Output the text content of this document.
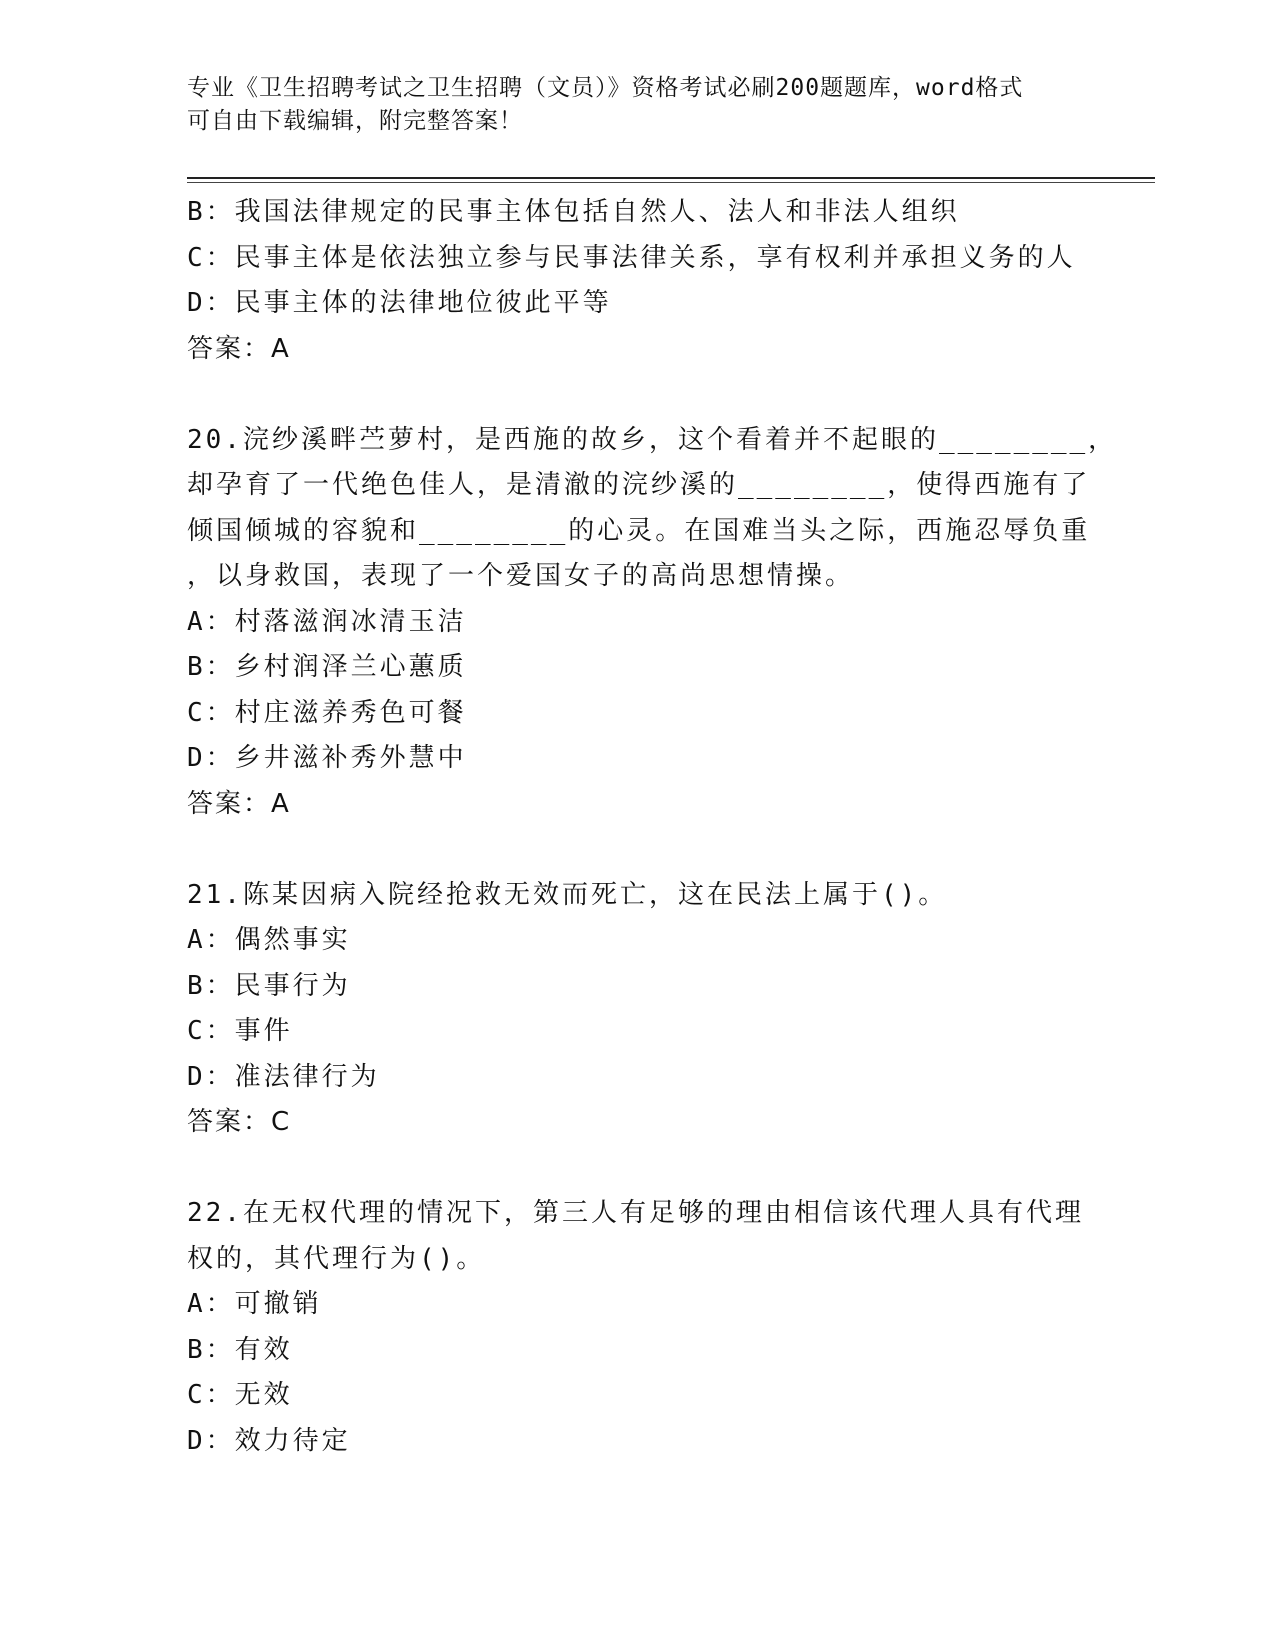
专业《卫生招聘考试之卫生招聘（文员）》资格考试必刷200题题库，word格式
可自由下载编辑，附完整答案！
B：我国法律规定的民事主体包括自然人、法人和非法人组织
C：民事主体是依法独立参与民事法律关系，享有权利并承担义务的人
D：民事主体的法律地位彼此平等
答案：A
20.浣纱溪畔苎萝村，是西施的故乡，这个看着并不起眼的________，
却孕育了一代绝色佳人，是清澈的浣纱溪的________，使得西施有了
倾国倾城的容貌和________的心灵。在国难当头之际，西施忍辱负重
，以身救国，表现了一个爱国女子的高尚思想情操。
A：村落滋润冰清玉洁
B：乡村润泽兰心蕙质
C：村庄滋养秀色可餐
D：乡井滋补秀外慧中
答案：A
21.陈某因病入院经抢救无效而死亡，这在民法上属于()。
A：偶然事实
B：民事行为
C：事件
D：准法律行为
答案：C
22.在无权代理的情况下，第三人有足够的理由相信该代理人具有代理
权的，其代理行为()。
A：可撤销
B：有效
C：无效
D：效力待定
